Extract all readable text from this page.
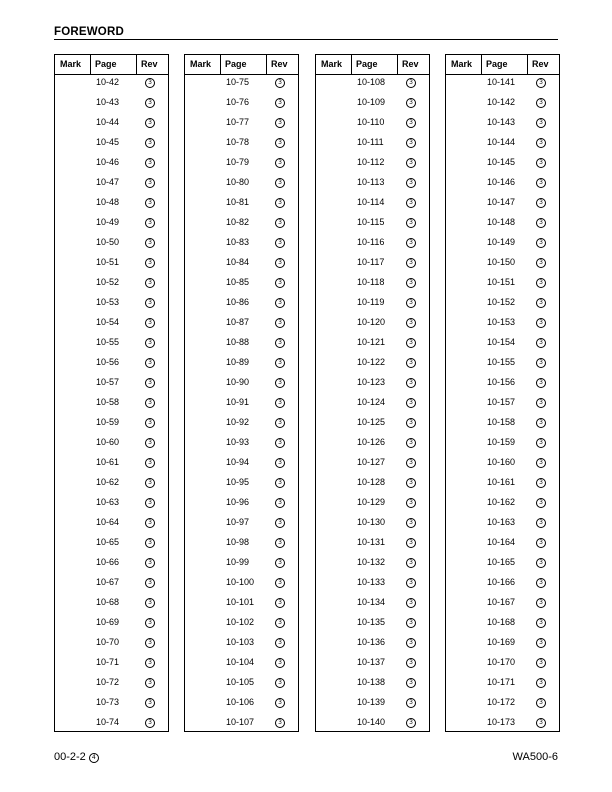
FOREWORD
Mark Page	Rev
10-42	3
10-43	3
10-44	3
10-45	3
10-46	3
10-47	3
10-48	3
10-49	3
10-50	3
10-51	3
10-52	3
10-53	3
10-54	3
10-55	3
10-56	3
10-57	3
10-58	3
10-59	3
10-60	3
10-61	3
10-62	3
10-63	3
10-64	3
10-65	3
10-66	3
10-67	3
10-68	3
10-69	3
10-70	3
10-71	3
10-72	3
10-73	3
10-74	3
Mark Page	Rev
10-75	3
10-76	3
10-77	3
10-78	3
10-79	3
10-80	3
10-81	3
10-82	3
10-83	3
10-84	3
10-85	3
10-86	3
10-87	3
10-88	3
10-89	3
10-90	3
10-91	3
10-92	3
10-93	3
10-94	3
10-95	3
10-96	3
10-97	3
10-98	3
10-99	3
10-100	3
10-101	3
10-102	3
10-103	3
10-104	3
10-105	3
10-106	3
10-107	3
Mark Page	Rev
10-108	3
10-109	3
10-110	3
10-111	3
10-112	3
10-113	3
10-114	3
10-115	3
10-116	3
10-117	3
10-118	3
10-119	3
10-120	3
10-121	3
10-122	3
10-123	3
10-124	3
10-125	3
10-126	3
10-127	3
10-128	3
10-129	3
10-130	3
10-131	3
10-132	3
10-133	3
10-134	3
10-135	3
10-136	3
10-137	3
10-138	3
10-139	3
10-140	3
Mark Page	Rev
10-141	3
10-142	3
10-143	3
10-144	3
10-145	3
10-146	3
10-147	3
10-148	3
10-149	3
10-150	3
10-151	3
10-152	3
10-153	3
10-154	3
10-155	3
10-156	3
10-157	3
10-158	3
10-159	3
10-160	3
10-161	3
10-162	3
10-163	3
10-164	3
10-165	3
10-166	3
10-167	3
10-168	3
10-169	3
10-170	3
10-171	3
10-172	3
10-173	3
00-2-2 4	WA500-6
